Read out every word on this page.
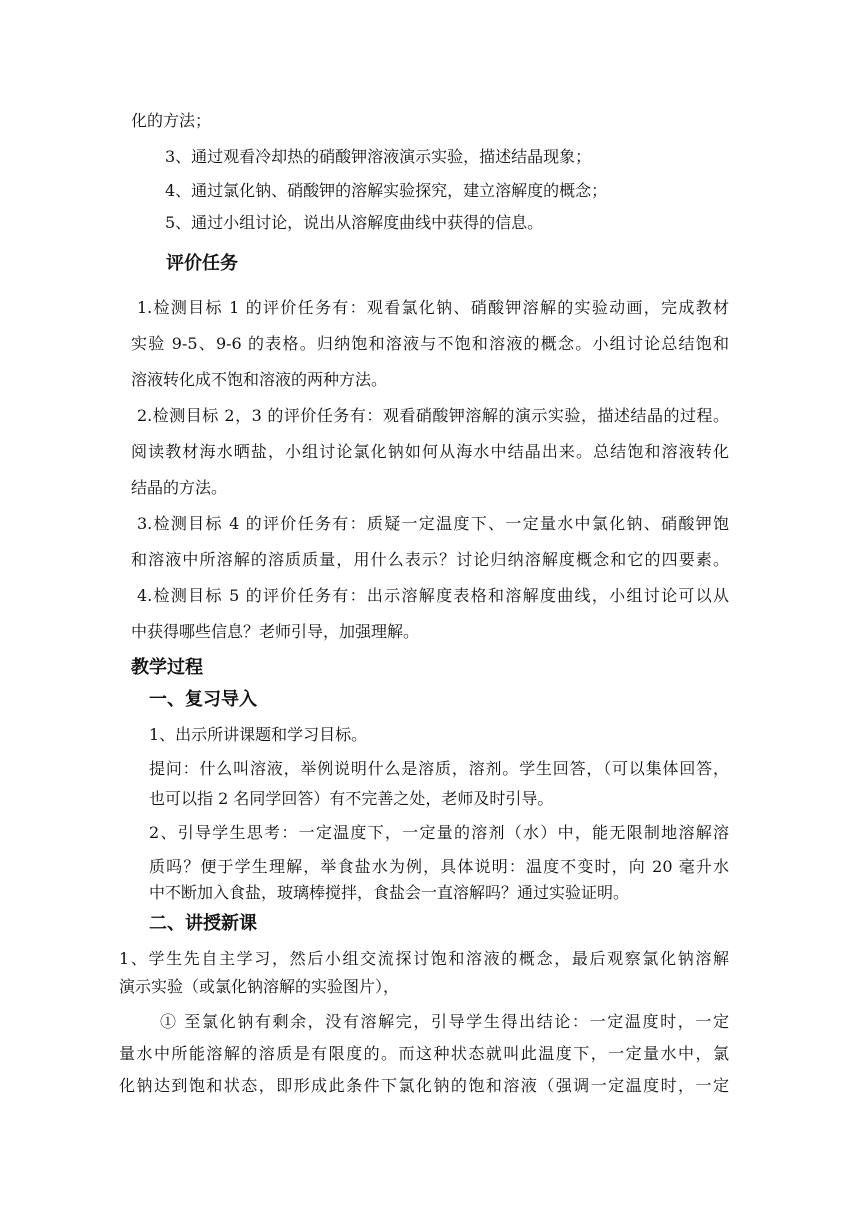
化的方法；
3、通过观看冷却热的硝酸钾溶液演示实验，描述结晶现象；
4、通过氯化钠、硝酸钾的溶解实验探究，建立溶解度的概念；
5、通过小组讨论，说出从溶解度曲线中获得的信息。
评价任务
1.检测目标 1 的评价任务有：观看氯化钠、硝酸钾溶解的实验动画，完成教材
实验 9-5、9-6 的表格。归纳饱和溶液与不饱和溶液的概念。小组讨论总结饱和
溶液转化成不饱和溶液的两种方法。
2.检测目标 2，3 的评价任务有：观看硝酸钾溶解的演示实验，描述结晶的过程。
阅读教材海水晒盐，小组讨论氯化钠如何从海水中结晶出来。总结饱和溶液转化
结晶的方法。
3.检测目标 4 的评价任务有：质疑一定温度下、一定量水中氯化钠、硝酸钾饱
和溶液中所溶解的溶质质量，用什么表示？讨论归纳溶解度概念和它的四要素。
4.检测目标 5 的评价任务有：出示溶解度表格和溶解度曲线，小组讨论可以从
中获得哪些信息？老师引导，加强理解。
教学过程
一、复习导入
1、出示所讲课题和学习目标。
提问：什么叫溶液，举例说明什么是溶质，溶剂。学生回答，（可以集体回答，
也可以指 2 名同学回答）有不完善之处，老师及时引导。
2、引导学生思考：一定温度下，一定量的溶剂（水）中，能无限制地溶解溶
质吗？便于学生理解，举食盐水为例，具体说明：温度不变时，向 20 毫升水
中不断加入食盐，玻璃棒搅拌，食盐会一直溶解吗？通过实验证明。
二、讲授新课
1、学生先自主学习，然后小组交流探讨饱和溶液的概念，最后观察氯化钠溶解
演示实验（或氯化钠溶解的实验图片），
① 至氯化钠有剩余，没有溶解完，引导学生得出结论：一定温度时，一定
量水中所能溶解的溶质是有限度的。而这种状态就叫此温度下，一定量水中，氯
化钠达到饱和状态，即形成此条件下氯化钠的饱和溶液（强调一定温度时，一定
